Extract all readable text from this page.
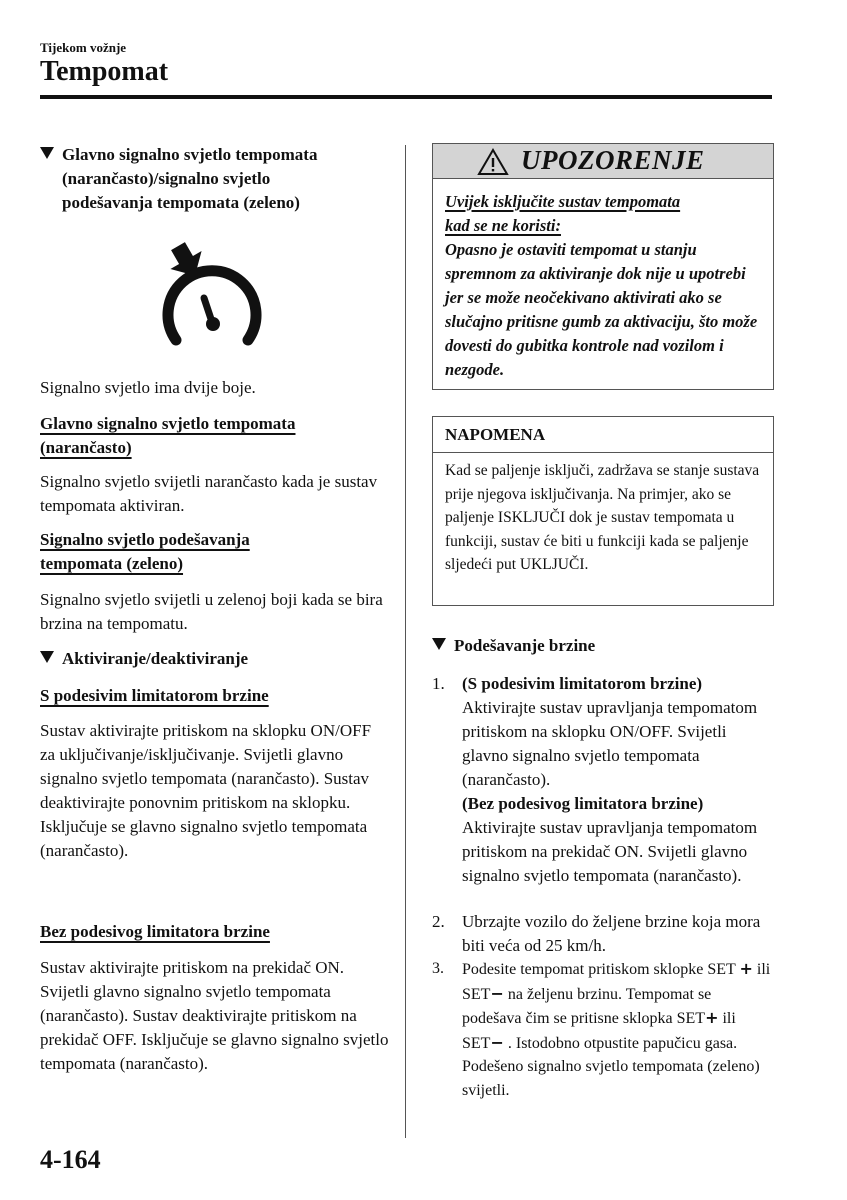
Tijekom vožnje
Tempomat
Glavno signalno svjetlo tempomata
(narančasto)/signalno svjetlo
podešavanja tempomata (zeleno)
Signalno svjetlo ima dvije boje.
Glavno signalno svjetlo tempomata
(narančasto)
Signalno svjetlo svijetli narančasto kada je sustav tempomata aktiviran.
Signalno svjetlo podešavanja
tempomata (zeleno)
Signalno svjetlo svijetli u zelenoj boji kada se bira brzina na tempomatu.
Aktiviranje/deaktiviranje
S podesivim limitatorom brzine
Sustav aktivirajte pritiskom na sklopku ON/OFF za uključivanje/isključivanje. Svijetli glavno signalno svjetlo tempomata (narančasto). Sustav deaktivirajte ponovnim pritiskom na sklopku. Isključuje se glavno signalno svjetlo tempomata (narančasto).
Bez podesivog limitatora brzine
Sustav aktivirajte pritiskom na prekidač ON. Svijetli glavno signalno svjetlo tempomata (narančasto). Sustav deaktivirajte pritiskom na prekidač OFF. Isključuje se glavno signalno svjetlo tempomata (narančasto).
UPOZORENJE
Uvijek isključite sustav tempomata
kad se ne koristi:
Opasno je ostaviti tempomat u stanju spremnom za aktiviranje dok nije u upotrebi jer se može neočekivano aktivirati ako se slučajno pritisne gumb za aktivaciju, što može dovesti do gubitka kontrole nad vozilom i nezgode.
NAPOMENA
Kad se paljenje isključi, zadržava se stanje sustava prije njegova isključivanja. Na primjer, ako se paljenje ISKLJUČI dok je sustav tempomata u funkciji, sustav će biti u funkciji kada se paljenje sljedeći put UKLJUČI.
Podešavanje brzine
1. (S podesivim limitatorom brzine)
Aktivirajte sustav upravljanja tempomatom pritiskom na sklopku ON/OFF. Svijetli glavno signalno svjetlo tempomata (narančasto).
(Bez podesivog limitatora brzine)
Aktivirajte sustav upravljanja tempomatom pritiskom na prekidač ON. Svijetli glavno signalno svjetlo tempomata (narančasto).
2. Ubrzajte vozilo do željene brzine koja mora biti veća od 25 km/h.
3. Podesite tempomat pritiskom sklopke SET + ili SET− na željenu brzinu. Tempomat se podešava čim se pritisne sklopka SET+ ili SET− . Istodobno otpustite papučicu gasa. Podešeno signalno svjetlo tempomata (zeleno) svijetli.
4-164
